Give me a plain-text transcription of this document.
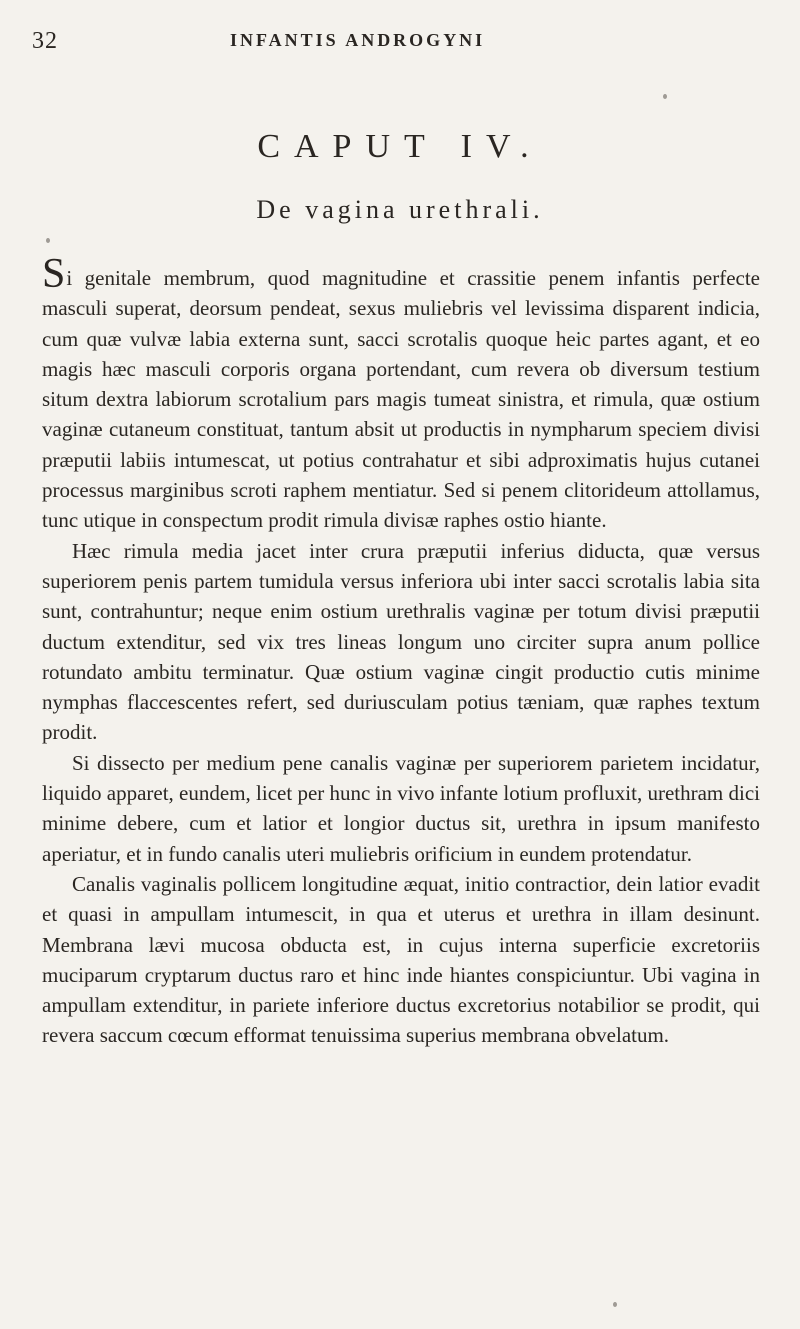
32	INFANTIS ANDROGYNI
CAPUT IV.
De vagina urethrali.

Si genitale membrum, quod magnitudine et crassitie penem infantis perfecte masculi superat, deorsum pendeat, sexus muliebris vel levissima disparent indicia, cum quæ vulvæ labia externa sunt, sacci scrotalis quoque heic partes agant, et eo magis hæc masculi corporis organa portendant, cum revera ob diversum testium situm dextra labiorum scrotalium pars magis tumeat sinistra, et rimula, quæ ostium vaginæ cutaneum constituat, tantum absit ut productis in nympharum speciem divisi præputii labiis intumescat, ut potius contrahatur et sibi adproximatis hujus cutanei processus marginibus scroti raphem mentiatur. Sed si penem clitorideum attollamus, tunc utique in conspectum prodit rimula divisæ raphes ostio hiante.

Hæc rimula media jacet inter crura præputii inferius diducta, quæ versus superiorem penis partem tumidula versus inferiora ubi inter sacci scrotalis labia sita sunt, contrahuntur; neque enim ostium urethralis vaginæ per totum divisi præputii ductum extenditur, sed vix tres lineas longum uno circiter supra anum pollice rotundato ambitu terminatur. Quæ ostium vaginæ cingit productio cutis minime nymphas flaccescentes refert, sed duriusculam potius tæniam, quæ raphes textum prodit.

Si dissecto per medium pene canalis vaginæ per superiorem parietem incidatur, liquido apparet, eundem, licet per hunc in vivo infante lotium profluxit, urethram dici minime debere, cum et latior et longior ductus sit, urethra in ipsum manifesto aperiatur, et in fundo canalis uteri muliebris orificium in eundem protendatur.

Canalis vaginalis pollicem longitudine æquat, initio contractior, dein latior evadit et quasi in ampullam intumescit, in qua et uterus et urethra in illam desinunt. Membrana lævi mucosa obducta est, in cujus interna superficie excretoriis muciparum cryptarum ductus raro et hinc inde hiantes conspiciuntur. Ubi vagina in ampullam extenditur, in pariete inferiore ductus excretorius notabilior se prodit, qui revera saccum cœcum efformat tenuissima superius membrana obvelatum.
